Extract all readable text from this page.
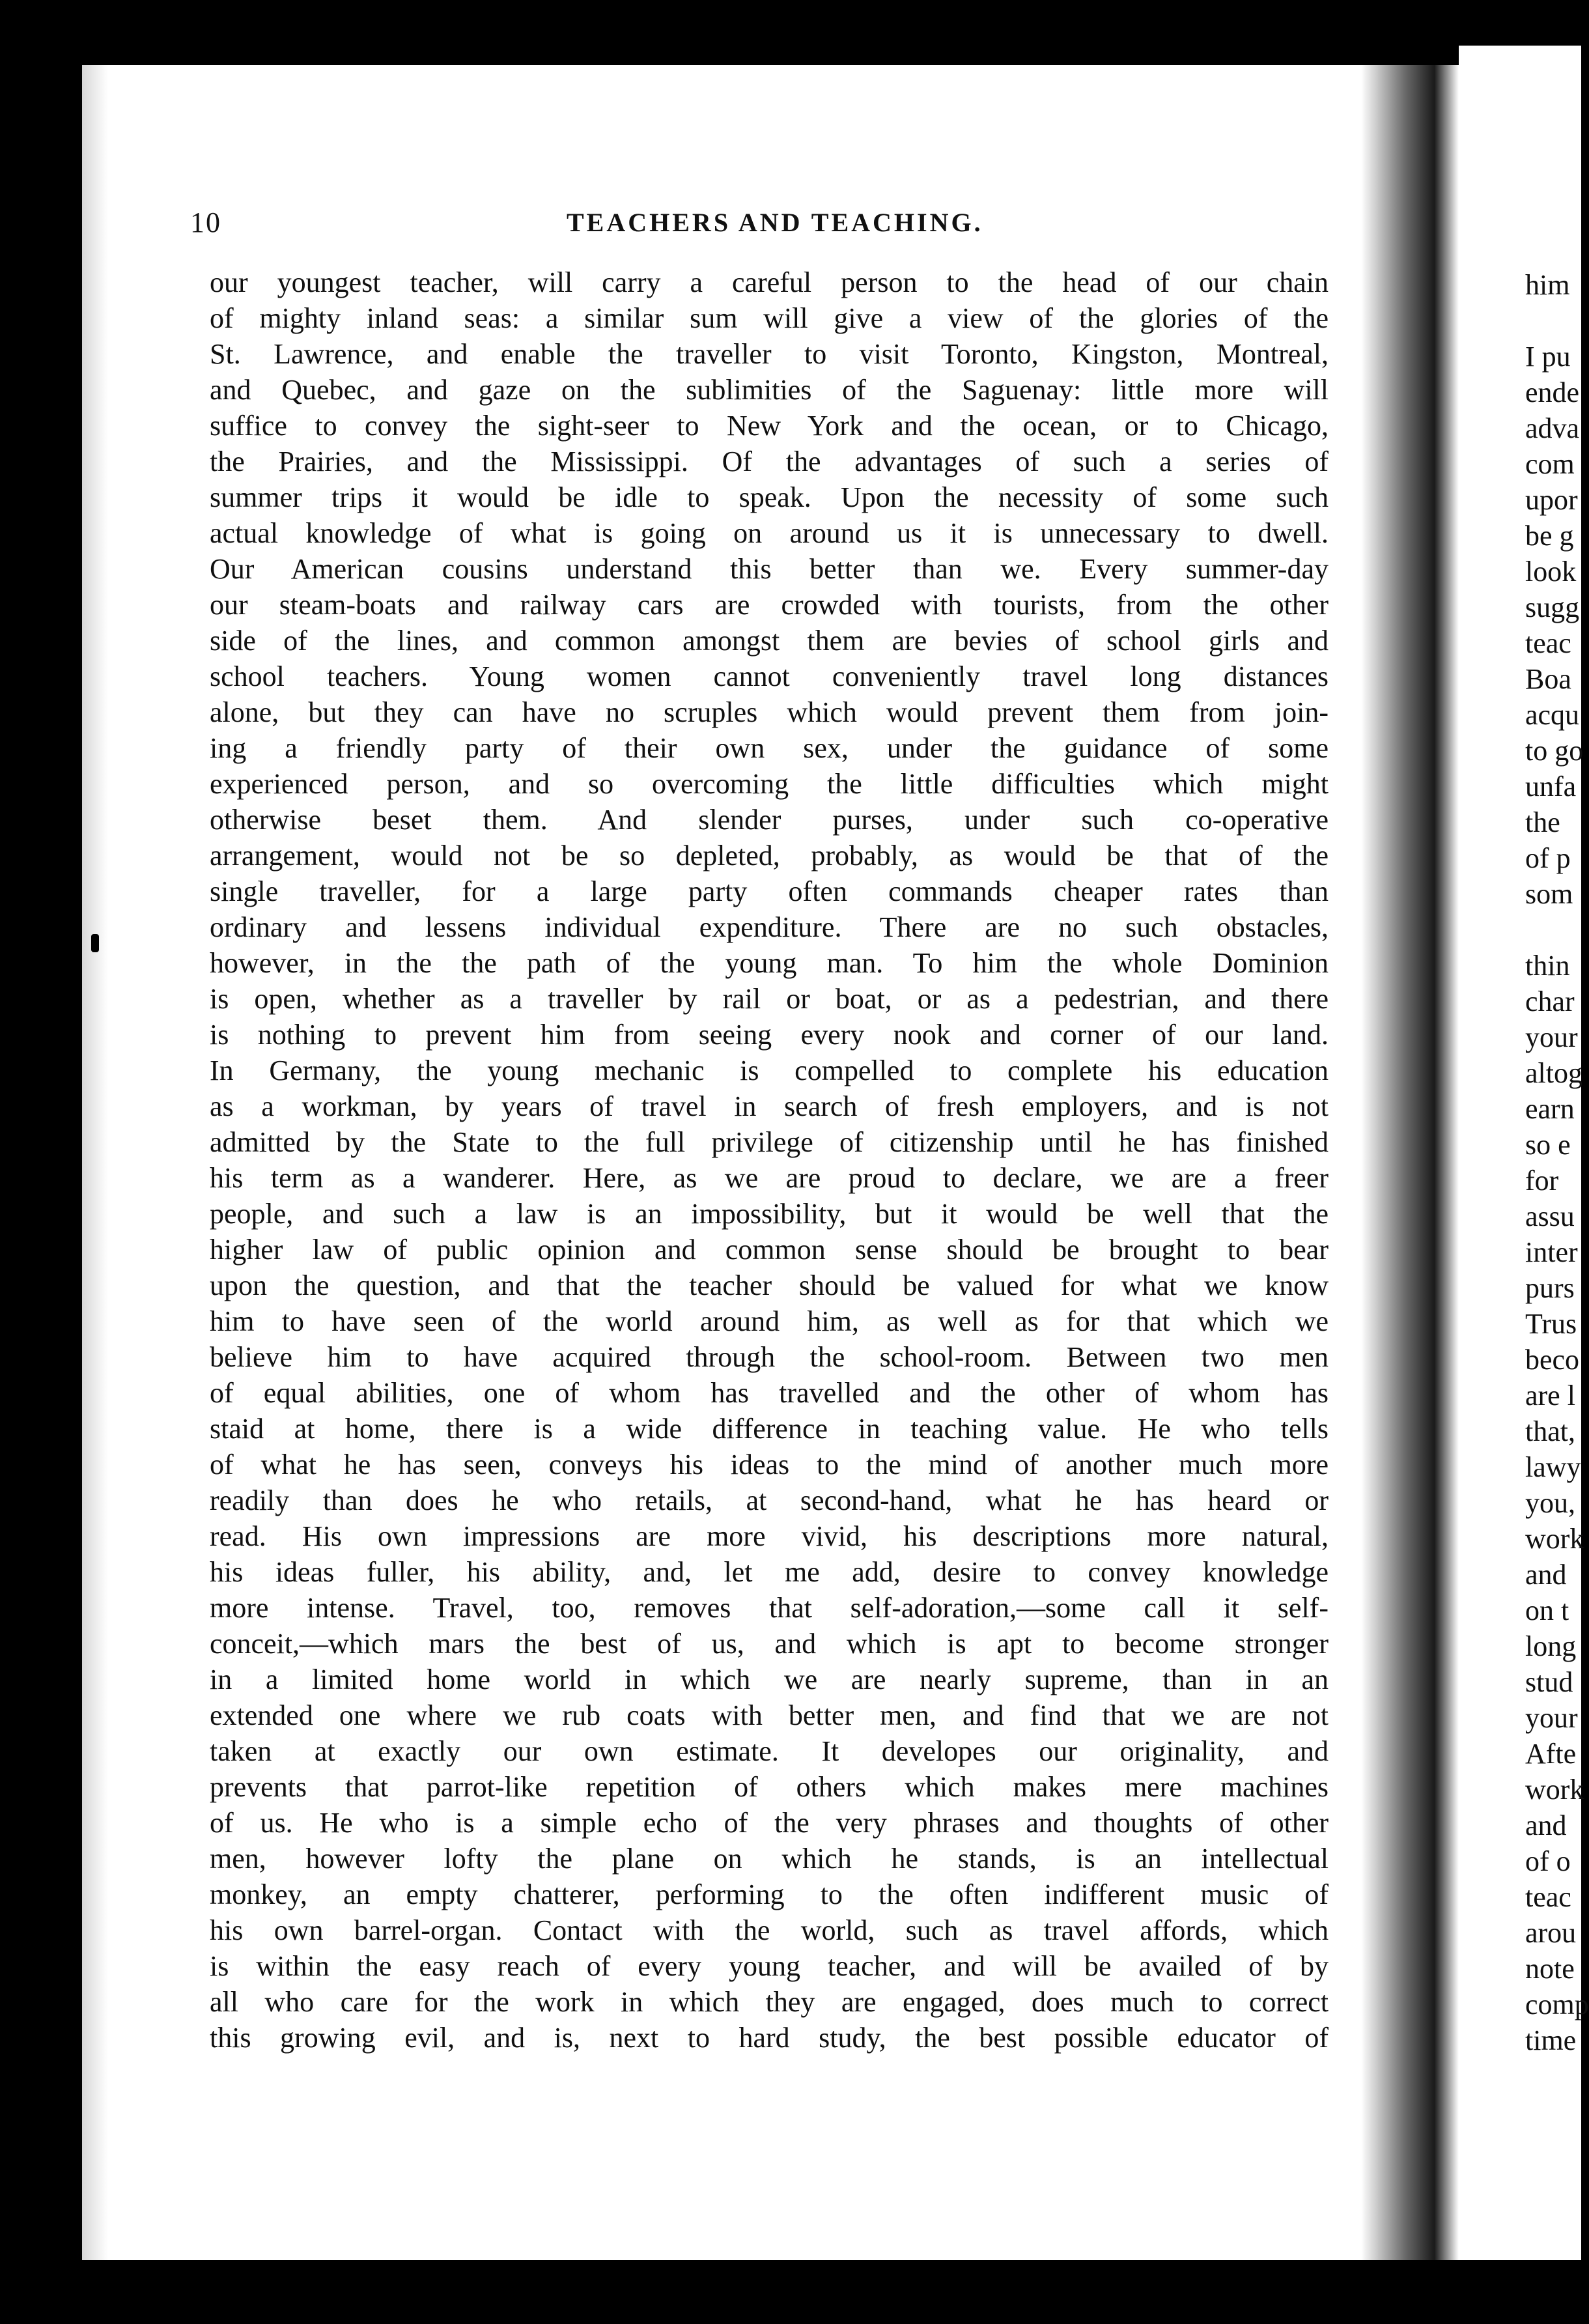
10	TEACHERS AND TEACHING.
our youngest teacher, will carry a careful person to the head of our chain
of mighty inland seas: a similar sum will give a view of the glories of the
St. Lawrence, and enable the traveller to visit Toronto, Kingston, Montreal,
and Quebec, and gaze on the sublimities of the Saguenay: little more will
suffice to convey the sight-seer to New York and the ocean, or to Chicago,
the Prairies, and the Mississippi. Of the advantages of such a series of
summer trips it would be idle to speak. Upon the necessity of some such
actual knowledge of what is going on around us it is unnecessary to dwell.
Our American cousins understand this better than we. Every summer-day
our steam-boats and railway cars are crowded with tourists, from the other
side of the lines, and common amongst them are bevies of school girls and
school teachers. Young women cannot conveniently travel long distances
alone, but they can have no scruples which would prevent them from join-
ing a friendly party of their own sex, under the guidance of some
experienced person, and so overcoming the little difficulties which might
otherwise beset them. And slender purses, under such co-operative
arrangement, would not be so depleted, probably, as would be that of the
single traveller, for a large party often commands cheaper rates than
ordinary and lessens individual expenditure. There are no such obstacles,
however, in the the path of the young man. To him the whole Dominion
is open, whether as a traveller by rail or boat, or as a pedestrian, and there
is nothing to prevent him from seeing every nook and corner of our land.
In Germany, the young mechanic is compelled to complete his education
as a workman, by years of travel in search of fresh employers, and is not
admitted by the State to the full privilege of citizenship until he has finished
his term as a wanderer. Here, as we are proud to declare, we are a freer
people, and such a law is an impossibility, but it would be well that the
higher law of public opinion and common sense should be brought to bear
upon the question, and that the teacher should be valued for what we know
him to have seen of the world around him, as well as for that which we
believe him to have acquired through the school-room. Between two men
of equal abilities, one of whom has travelled and the other of whom has
staid at home, there is a wide difference in teaching value. He who tells
of what he has seen, conveys his ideas to the mind of another much more
readily than does he who retails, at second-hand, what he has heard or
read. His own impressions are more vivid, his descriptions more natural,
his ideas fuller, his ability, and, let me add, desire to convey knowledge
more intense. Travel, too, removes that self-adoration,—some call it self-
conceit,—which mars the best of us, and which is apt to become stronger
in a limited home world in which we are nearly supreme, than in an
extended one where we rub coats with better men, and find that we are not
taken at exactly our own estimate. It developes our originality, and
prevents that parrot-like repetition of others which makes mere machines
of us. He who is a simple echo of the very phrases and thoughts of other
men, however lofty the plane on which he stands, is an intellectual
monkey, an empty chatterer, performing to the often indifferent music of
his own barrel-organ. Contact with the world, such as travel affords, which
is within the easy reach of every young teacher, and will be availed of by
all who care for the work in which they are engaged, does much to correct
this growing evil, and is, next to hard study, the best possible educator of
him
I pu
ende
adva
com
upor
be g
look
sugg
teac
Boa
acqu
to go
unfa
the
of p
som
thin
char
your
altog
earn
so e
for
assu
inter
purs
Trus
beco
are l
that,
lawy
you,
work
and
on t
long
stud
your
Afte
work
and
of o
teac
arou
note
comp
time
